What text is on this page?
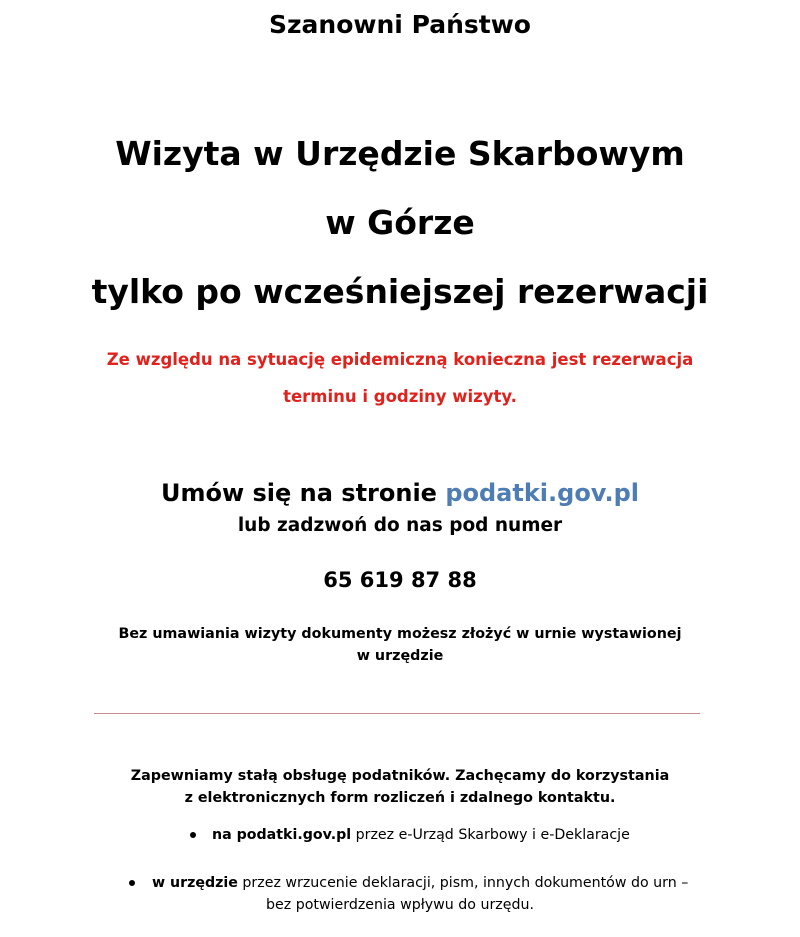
Szanowni Państwo
Wizyta w Urzędzie Skarbowym
w Górze
tylko po wcześniejszej rezerwacji
Ze względu na sytuację epidemiczną konieczna jest rezerwacja
terminu i godziny wizyty.
Umów się na stronie podatki.gov.pl
lub zadzwoń do nas pod numer
65 619 87 88
Bez umawiania wizyty dokumenty możesz złożyć w urnie wystawionej
w urzędzie
Zapewniamy stałą obsługę podatników. Zachęcamy do korzystania
z elektronicznych form rozliczeń i zdalnego kontaktu.
na podatki.gov.pl przez e-Urząd Skarbowy i e-Deklaracje
w urzędzie przez wrzucenie deklaracji, pism, innych dokumentów do urn –
bez potwierdzenia wpływu do urzędu.
